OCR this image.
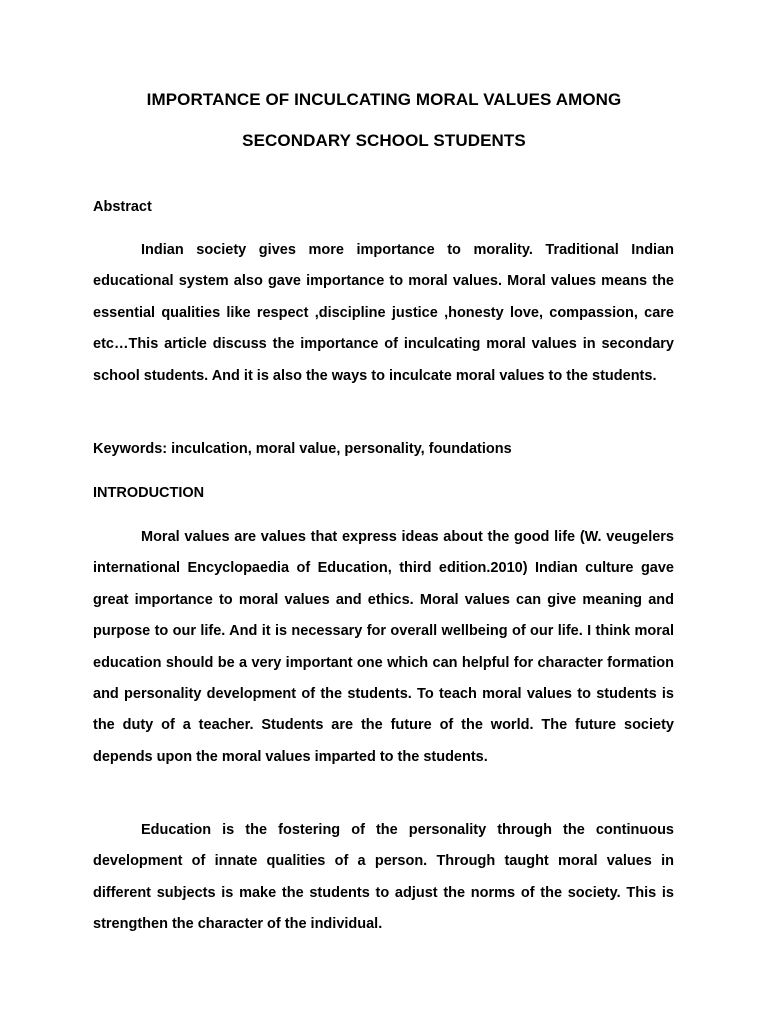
IMPORTANCE OF INCULCATING MORAL VALUES AMONG
SECONDARY SCHOOL STUDENTS
Abstract

Indian society gives more importance to morality. Traditional Indian educational system also gave importance to moral values. Moral values means the essential qualities like respect ,discipline justice ,honesty love, compassion, care etc…This article discuss the importance of inculcating moral values in secondary school students. And it is also the ways to inculcate moral values to the students.

Keywords: inculcation, moral value, personality, foundations
INTRODUCTION

Moral values are values that express ideas about the good life (W. veugelers international Encyclopaedia of Education, third edition.2010) Indian culture gave great importance to moral values and ethics. Moral values can give meaning and purpose to our life. And it is necessary for overall wellbeing of our life. I think moral education should be a very important one which can helpful for character formation and personality development of the students. To teach moral values to students is the duty of a teacher. Students are the future of the world. The future society depends upon the moral values imparted to the students.

Education is the fostering of the personality through the continuous development of innate qualities of a person. Through taught moral values in different subjects is make the students to adjust the norms of the society. This is strengthen the character of the individual.
